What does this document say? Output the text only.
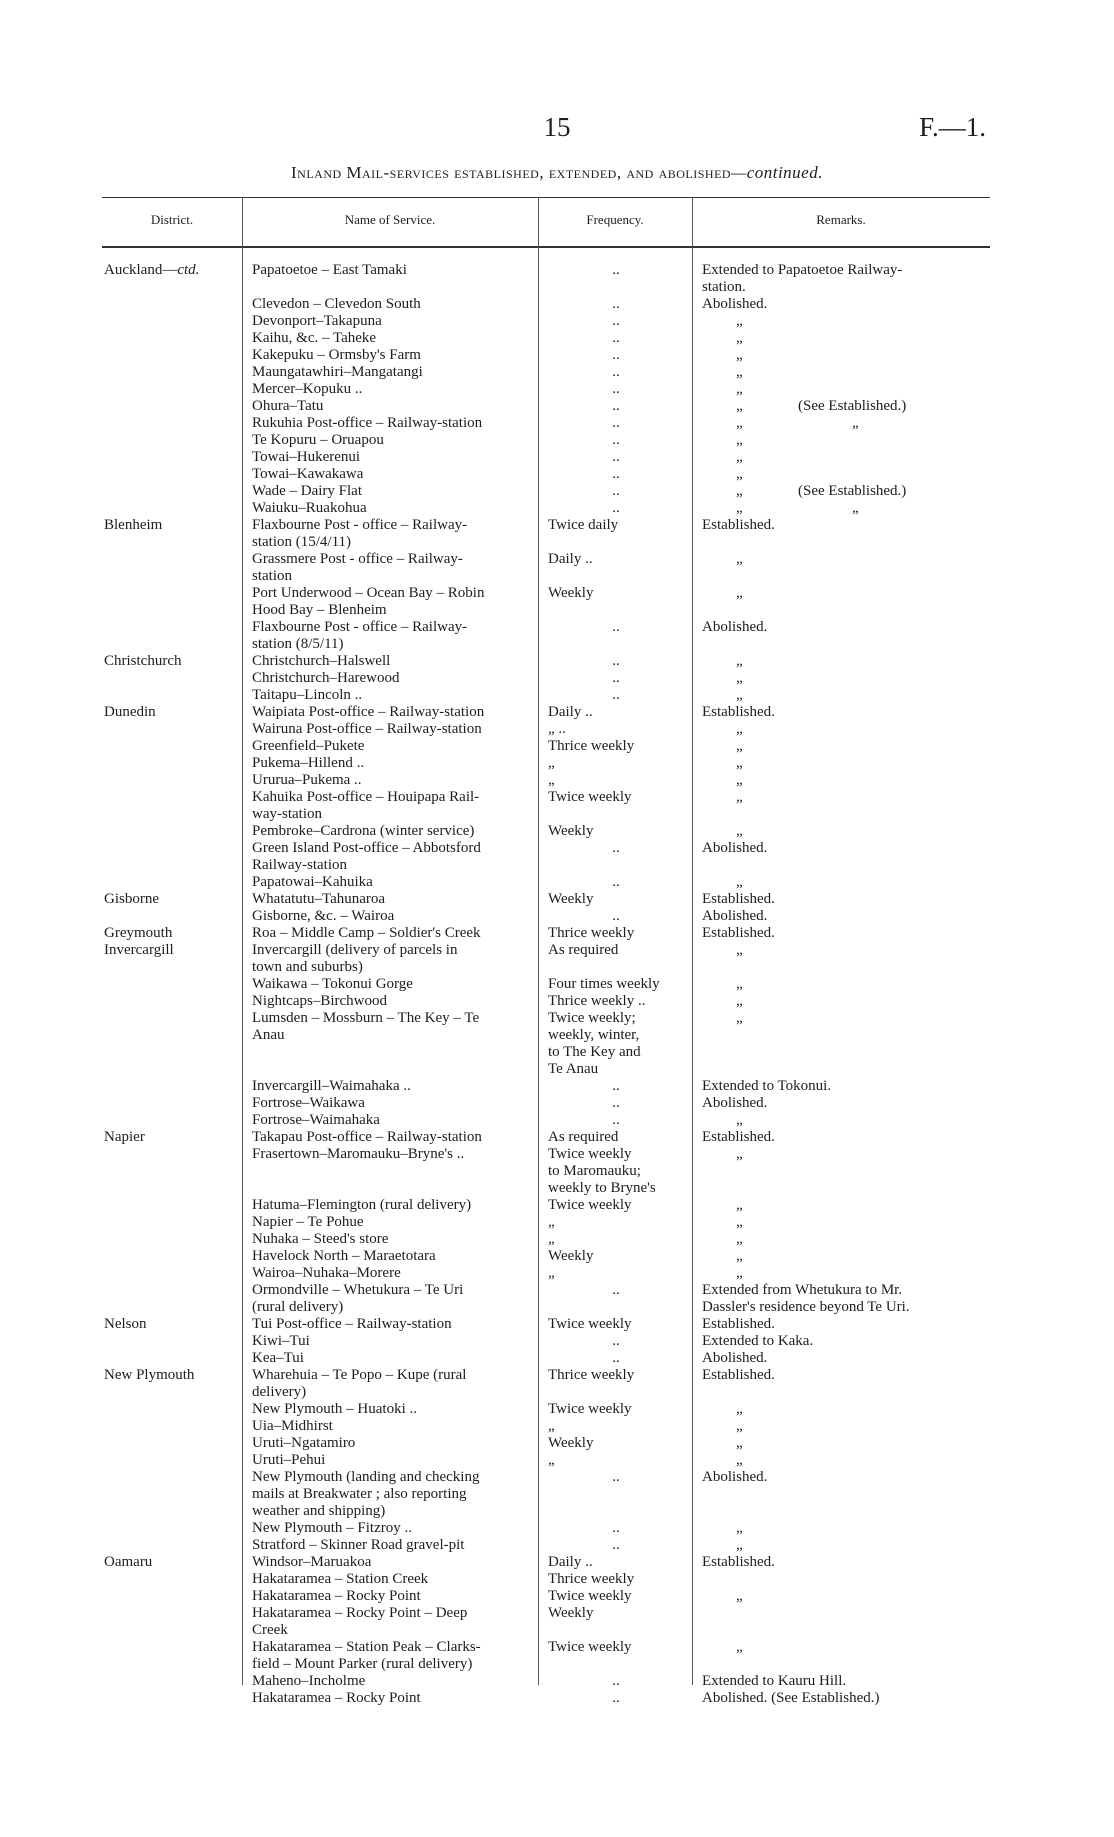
15	F.—1.
Inland Mail-services established, extended, and abolished—continued.
District.	Name of Service.	Frequency.	Remarks.
Auckland—ctd.	Papatoetoe – East Tamaki	..	Extended to Papatoetoe Railway-
station.
Clevedon – Clevedon South	..	Abolished.
Devonport–Takapuna	..	„
Kaihu, &c. – Taheke	..	„
Kakepuku – Ormsby's Farm	..	„
Maungatawhiri–Mangatangi	..	„
Mercer–Kopuku ..	..	„
Ohura–Tatu	..	„	(See Established.)
Rukuhia Post-office – Railway-station	..	„	„
Te Kopuru – Oruapou	..	„
Towai–Hukerenui	..	„
Towai–Kawakawa	..	„
Wade – Dairy Flat	..	„	(See Established.)
Waiuku–Ruakohua	..	„	„
Blenheim	Flaxbourne Post - office – Railway-	Twice daily	Established.
station (15/4/11)
Grassmere Post - office – Railway-	Daily ..	„
station
Port Underwood – Ocean Bay – Robin	Weekly	„
Hood Bay – Blenheim
Flaxbourne Post - office – Railway-	..	Abolished.
station (8/5/11)
Christchurch	Christchurch–Halswell	..	„
Christchurch–Harewood	..	„
Taitapu–Lincoln ..	..	„
Dunedin	Waipiata Post-office – Railway-station	Daily ..	Established.
Wairuna Post-office – Railway-station	„ ..	„
Greenfield–Pukete	Thrice weekly	„
Pukema–Hillend ..	„	„
Ururua–Pukema ..	„	„
Kahuika Post-office – Houipapa Rail-	Twice weekly	„
way-station
Pembroke–Cardrona (winter service)	Weekly	„
Green Island Post-office – Abbotsford	..	Abolished.
Railway-station
Papatowai–Kahuika	..	„
Gisborne	Whatatutu–Tahunaroa	Weekly	Established.
Gisborne, &c. – Wairoa	..	Abolished.
Greymouth	Roa – Middle Camp – Soldier's Creek	Thrice weekly	Established.
Invercargill	Invercargill (delivery of parcels in	As required	„
town and suburbs)
Waikawa – Tokonui Gorge	Four times weekly	„
Nightcaps–Birchwood	Thrice weekly ..	„
Lumsden – Mossburn – The Key – Te	Twice weekly;	„
Anau	weekly, winter,
to The Key and
Te Anau
Invercargill–Waimahaka ..	..	Extended to Tokonui.
Fortrose–Waikawa	..	Abolished.
Fortrose–Waimahaka	..	„
Napier	Takapau Post-office – Railway-station	As required	Established.
Frasertown–Maromauku–Bryne's ..	Twice weekly	„
to Maromauku;
weekly to Bryne's
Hatuma–Flemington (rural delivery)	Twice weekly	„
Napier – Te Pohue	„	„
Nuhaka – Steed's store	„	„
Havelock North – Maraetotara	Weekly	„
Wairoa–Nuhaka–Morere	„	„
Ormondville – Whetukura – Te Uri	..	Extended from Whetukura to Mr.
(rural delivery)	Dassler's residence beyond Te Uri.
Nelson	Tui Post-office – Railway-station	Twice weekly	Established.
Kiwi–Tui	..	Extended to Kaka.
Kea–Tui	..	Abolished.
New Plymouth	Wharehuia – Te Popo – Kupe (rural	Thrice weekly	Established.
delivery)
New Plymouth – Huatoki ..	Twice weekly	„
Uia–Midhirst	„	„
Uruti–Ngatamiro	Weekly	„
Uruti–Pehui	„	„
New Plymouth (landing and checking	..	Abolished.
mails at Breakwater ; also reporting
weather and shipping)
New Plymouth – Fitzroy ..	..	„
Stratford – Skinner Road gravel-pit	..	„
Oamaru	Windsor–Maruakoa	Daily ..	Established.
Hakataramea – Station Creek	Thrice weekly
Hakataramea – Rocky Point	Twice weekly	„
Hakataramea – Rocky Point – Deep	Weekly
Creek
Hakataramea – Station Peak – Clarks-	Twice weekly	„
field – Mount Parker (rural delivery)
Maheno–Incholme	..	Extended to Kauru Hill.
Hakataramea – Rocky Point	..	Abolished. (See Established.)
